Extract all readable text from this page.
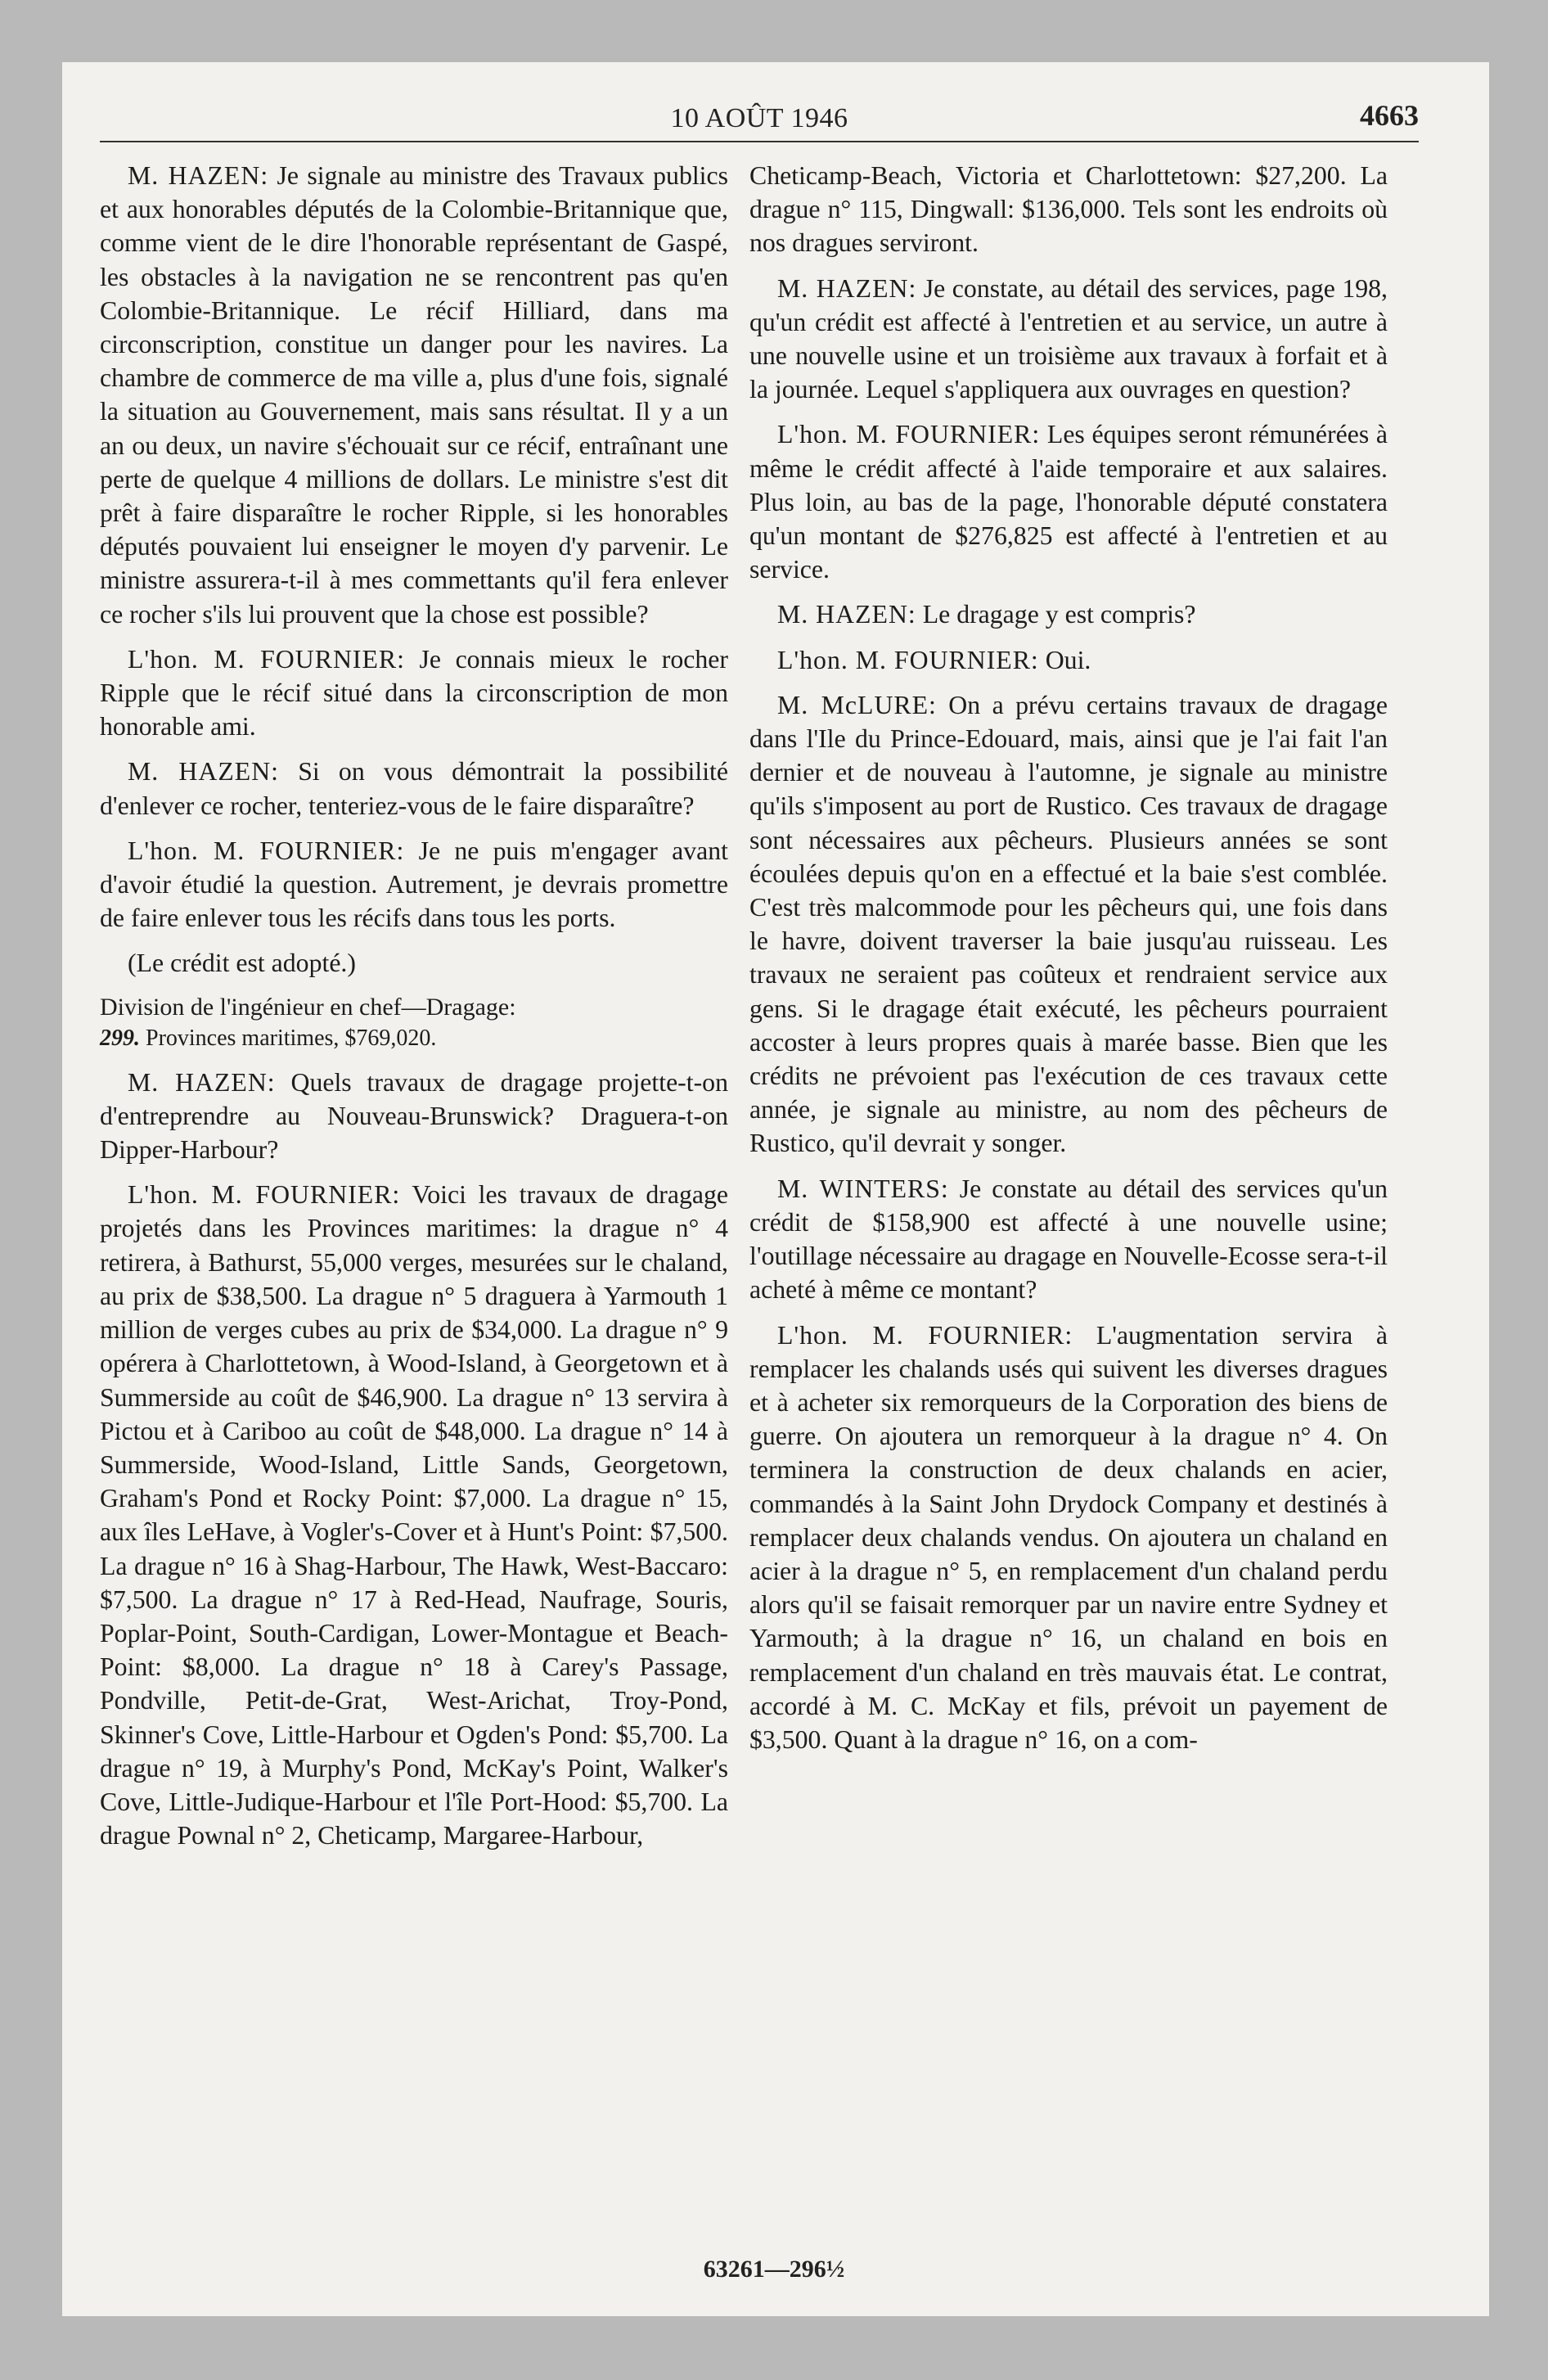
10 AOÛT 1946	4663

M. HAZEN: Je signale au ministre des Travaux publics et aux honorables députés de la Colombie-Britannique que, comme vient de le dire l'honorable représentant de Gaspé, les obstacles à la navigation ne se rencontrent pas qu'en Colombie-Britannique. Le récif Hilliard, dans ma circonscription, constitue un danger pour les navires. La chambre de commerce de ma ville a, plus d'une fois, signalé la situation au Gouvernement, mais sans résultat. Il y a un an ou deux, un navire s'échouait sur ce récif, entraînant une perte de quelque 4 millions de dollars. Le ministre s'est dit prêt à faire disparaître le rocher Ripple, si les honorables députés pouvaient lui enseigner le moyen d'y parvenir. Le ministre assurera-t-il à mes commettants qu'il fera enlever ce rocher s'ils lui prouvent que la chose est possible?

L'hon. M. FOURNIER: Je connais mieux le rocher Ripple que le récif situé dans la circonscription de mon honorable ami.

M. HAZEN: Si on vous démontrait la possibilité d'enlever ce rocher, tenteriez-vous de le faire disparaître?

L'hon. M. FOURNIER: Je ne puis m'engager avant d'avoir étudié la question. Autrement, je devrais promettre de faire enlever tous les récifs dans tous les ports.

(Le crédit est adopté.)

Division de l'ingénieur en chef—Dragage:

299. Provinces maritimes, $769,020.

M. HAZEN: Quels travaux de dragage projette-t-on d'entreprendre au Nouveau-Brunswick? Draguera-t-on Dipper-Harbour?

L'hon. M. FOURNIER: Voici les travaux de dragage projetés dans les Provinces maritimes: la drague n° 4 retirera, à Bathurst, 55,000 verges, mesurées sur le chaland, au prix de $38,500. La drague n° 5 draguera à Yarmouth 1 million de verges cubes au prix de $34,000. La drague n° 9 opérera à Charlottetown, à Wood-Island, à Georgetown et à Summerside au coût de $46,900. La drague n° 13 servira à Pictou et à Cariboo au coût de $48,000. La drague n° 14 à Summerside, Wood-Island, Little Sands, Georgetown, Graham's Pond et Rocky Point: $7,000. La drague n° 15, aux îles LeHave, à Vogler's-Cover et à Hunt's Point: $7,500. La drague n° 16 à Shag-Harbour, The Hawk, West-Baccaro: $7,500. La drague n° 17 à Red-Head, Naufrage, Souris, Poplar-Point, South-Cardigan, Lower-Montague et Beach-Point: $8,000. La drague n° 18 à Carey's Passage, Pondville, Petit-de-Grat, West-Arichat, Troy-Pond, Skinner's Cove, Little-Harbour et Ogden's Pond: $5,700. La drague n° 19, à Murphy's Pond, McKay's Point, Walker's Cove, Little-Judique-Harbour et l'île Port-Hood: $5,700. La drague Pownal n° 2, Cheticamp, Margaree-Harbour,

Cheticamp-Beach, Victoria et Charlottetown: $27,200. La drague n° 115, Dingwall: $136,000. Tels sont les endroits où nos dragues serviront.

M. HAZEN: Je constate, au détail des services, page 198, qu'un crédit est affecté à l'entretien et au service, un autre à une nouvelle usine et un troisième aux travaux à forfait et à la journée. Lequel s'appliquera aux ouvrages en question?

L'hon. M. FOURNIER: Les équipes seront rémunérées à même le crédit affecté à l'aide temporaire et aux salaires. Plus loin, au bas de la page, l'honorable député constatera qu'un montant de $276,825 est affecté à l'entretien et au service.

M. HAZEN: Le dragage y est compris?

L'hon. M. FOURNIER: Oui.

M. McLURE: On a prévu certains travaux de dragage dans l'Ile du Prince-Edouard, mais, ainsi que je l'ai fait l'an dernier et de nouveau à l'automne, je signale au ministre qu'ils s'imposent au port de Rustico. Ces travaux de dragage sont nécessaires aux pêcheurs. Plusieurs années se sont écoulées depuis qu'on en a effectué et la baie s'est comblée. C'est très malcommode pour les pêcheurs qui, une fois dans le havre, doivent traverser la baie jusqu'au ruisseau. Les travaux ne seraient pas coûteux et rendraient service aux gens. Si le dragage était exécuté, les pêcheurs pourraient accoster à leurs propres quais à marée basse. Bien que les crédits ne prévoient pas l'exécution de ces travaux cette année, je signale au ministre, au nom des pêcheurs de Rustico, qu'il devrait y songer.

M. WINTERS: Je constate au détail des services qu'un crédit de $158,900 est affecté à une nouvelle usine; l'outillage nécessaire au dragage en Nouvelle-Ecosse sera-t-il acheté à même ce montant?

L'hon. M. FOURNIER: L'augmentation servira à remplacer les chalands usés qui suivent les diverses dragues et à acheter six remorqueurs de la Corporation des biens de guerre. On ajoutera un remorqueur à la drague n° 4. On terminera la construction de deux chalands en acier, commandés à la Saint John Drydock Company et destinés à remplacer deux chalands vendus. On ajoutera un chaland en acier à la drague n° 5, en remplacement d'un chaland perdu alors qu'il se faisait remorquer par un navire entre Sydney et Yarmouth; à la drague n° 16, un chaland en bois en remplacement d'un chaland en très mauvais état. Le contrat, accordé à M. C. McKay et fils, prévoit un payement de $3,500. Quant à la drague n° 16, on a com-

63261—296½
